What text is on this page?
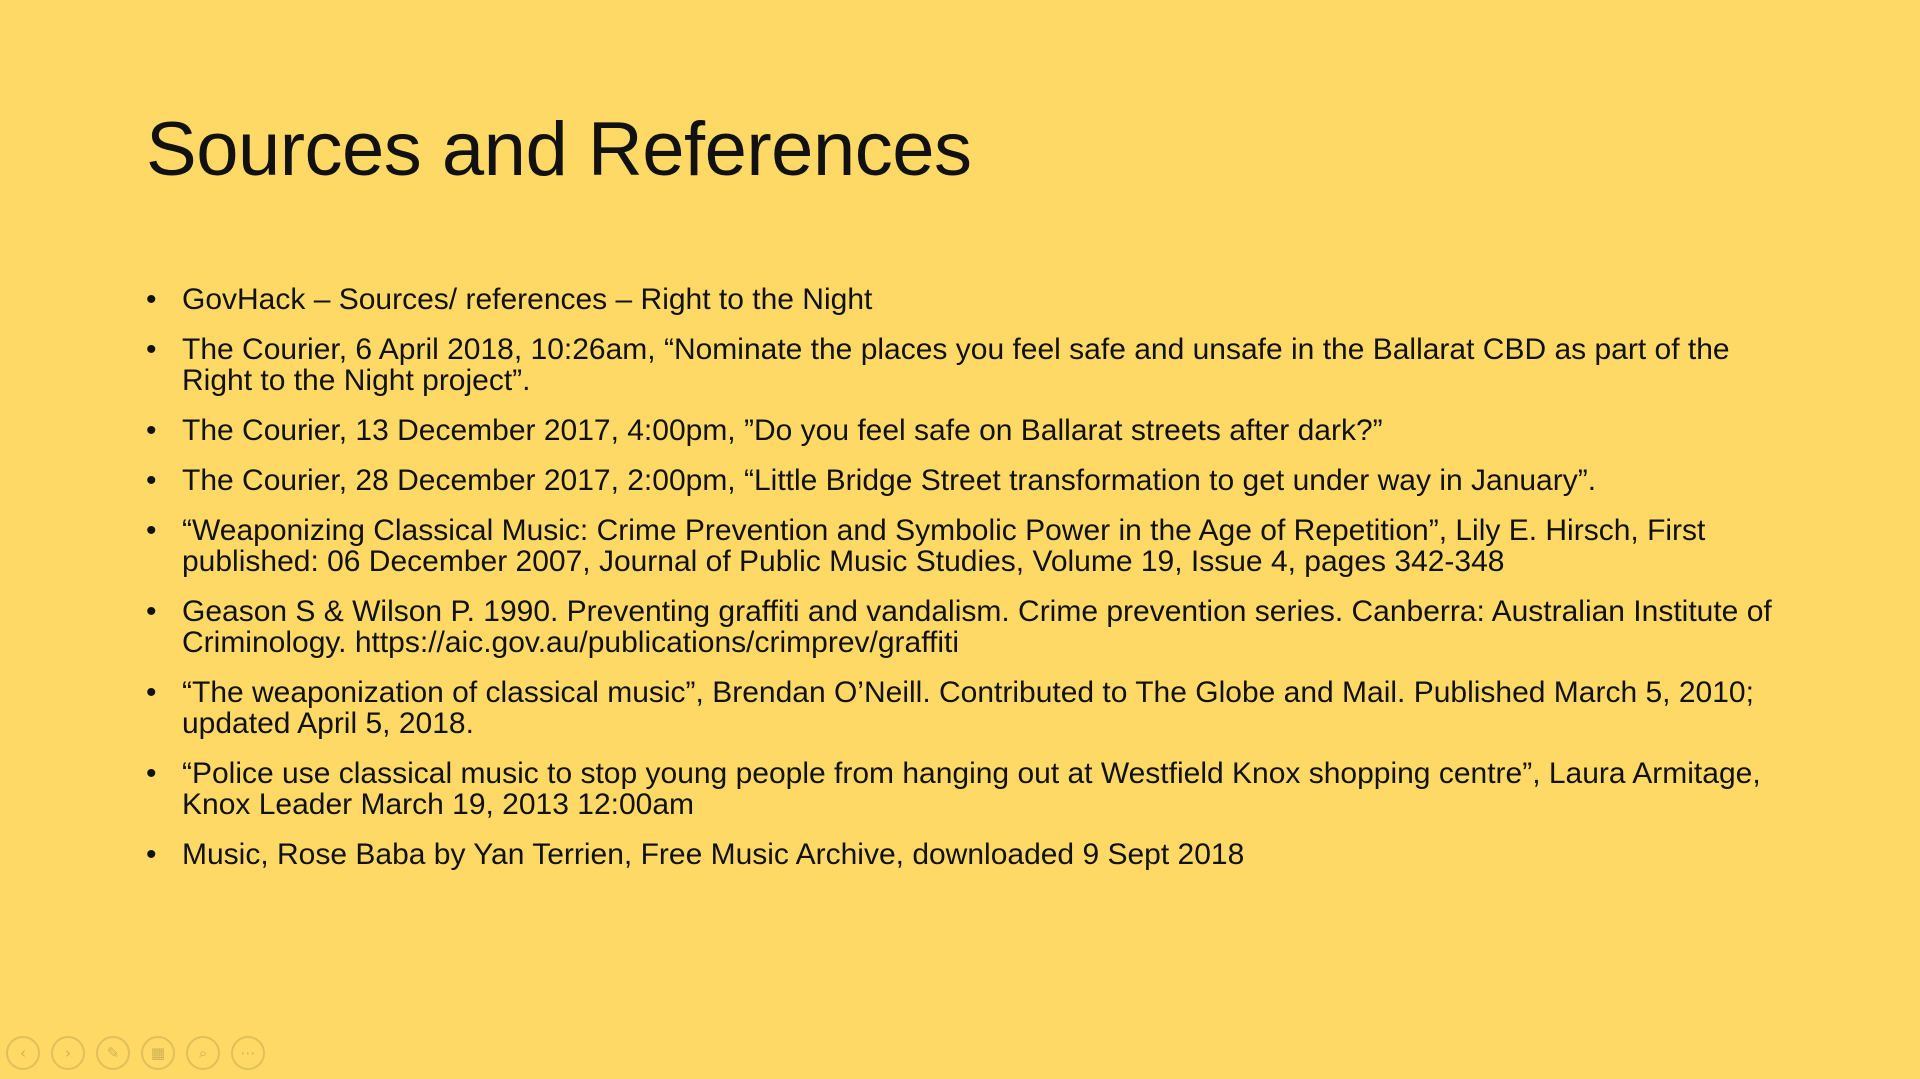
Sources and References
• GovHack – Sources/ references – Right to the Night
• The Courier, 6 April 2018, 10:26am, “Nominate the places you feel safe and unsafe in the Ballarat CBD as part of the Right to the Night project”.
• The Courier, 13 December 2017, 4:00pm, ”Do you feel safe on Ballarat streets after dark?”
• The Courier, 28 December 2017, 2:00pm, “Little Bridge Street transformation to get under way in January”.
• “Weaponizing Classical Music: Crime Prevention and Symbolic Power in the Age of Repetition”, Lily E. Hirsch, First published: 06 December 2007, Journal of Public Music Studies, Volume 19, Issue 4, pages 342-348
• Geason S & Wilson P. 1990. Preventing graffiti and vandalism. Crime prevention series. Canberra: Australian Institute of Criminology. https://aic.gov.au/publications/crimprev/graffiti
• “The weaponization of classical music”, Brendan O’Neill. Contributed to The Globe and Mail. Published March 5, 2010; updated April 5, 2018.
• “Police use classical music to stop young people from hanging out at Westfield Knox shopping centre”, Laura Armitage, Knox Leader March 19, 2013 12:00am
• Music, Rose Baba by Yan Terrien, Free Music Archive, downloaded 9 Sept 2018
‹	› ✎ ▦ ⌕ ⋯
